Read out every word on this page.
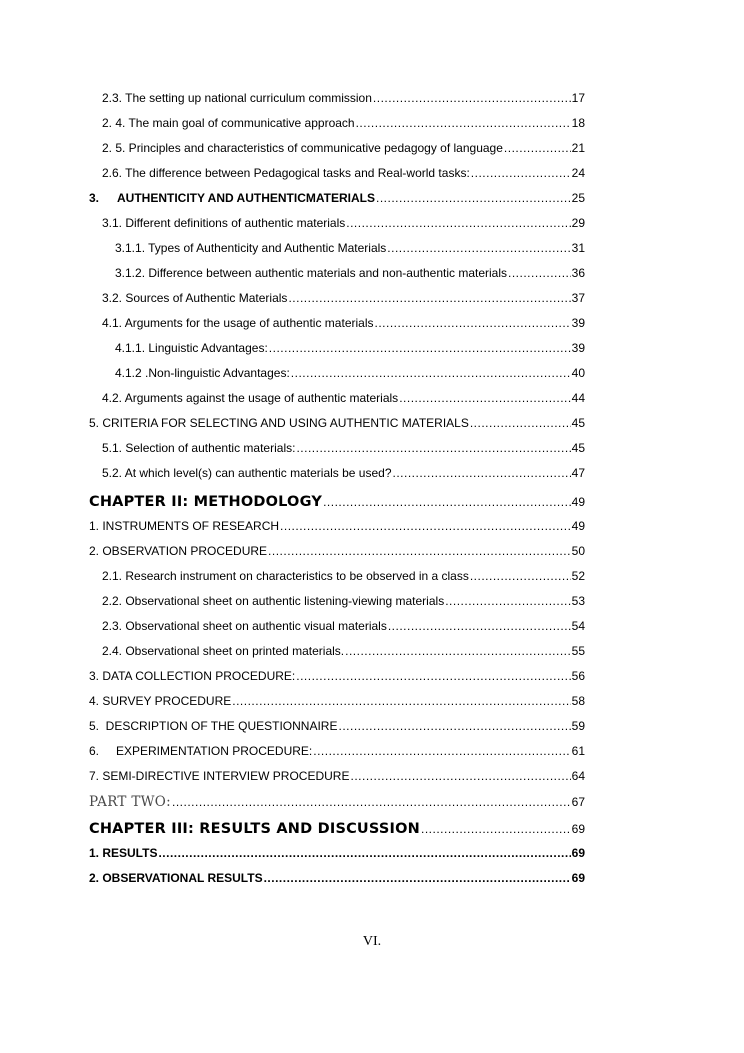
2.3. The setting up national curriculum commission .....	17
2. 4. The main goal of communicative approach .....	18
2. 5. Principles and characteristics of communicative pedagogy of language .....	21
2.6. The difference between Pedagogical tasks and Real-world tasks: .....	24
3. AUTHENTICITY AND AUTHENTICMATERIALS .....	25
3.1. Different definitions of authentic materials .....	29
3.1.1. Types of Authenticity and Authentic Materials .....	31
3.1.2. Difference between authentic materials and non-authentic materials .....	36
3.2. Sources of Authentic Materials .....	37
4.1. Arguments for the usage of authentic materials .....	39
4.1.1. Linguistic Advantages: .....	39
4.1.2 .Non-linguistic Advantages: .....	40
4.2. Arguments against the usage of authentic materials .....	44
5. CRITERIA FOR SELECTING AND USING AUTHENTIC MATERIALS .....	45
5.1. Selection of authentic materials: .....	45
5.2. At which level(s) can authentic materials be used? .....	47
CHAPTER II: METHODOLOGY .....	49
1. INSTRUMENTS OF RESEARCH .....	49
2. OBSERVATION PROCEDURE .....	50
2.1. Research instrument on characteristics to be observed in a class .....	52
2.2. Observational sheet on authentic listening-viewing materials .....	53
2.3. Observational sheet on authentic visual materials .....	54
2.4. Observational sheet on printed materials. .....	55
3. DATA COLLECTION PROCEDURE: .....	56
4. SURVEY PROCEDURE .....	58
5.  DESCRIPTION OF THE QUESTIONNAIRE .....	59
6. EXPERIMENTATION PROCEDURE: .....	61
7. SEMI-DIRECTIVE INTERVIEW PROCEDURE .....	64
PART TWO: .....	67
CHAPTER III: RESULTS AND DISCUSSION .....	69
1. RESULTS .....	69
2. OBSERVATIONAL RESULTS .....	69
VI.
